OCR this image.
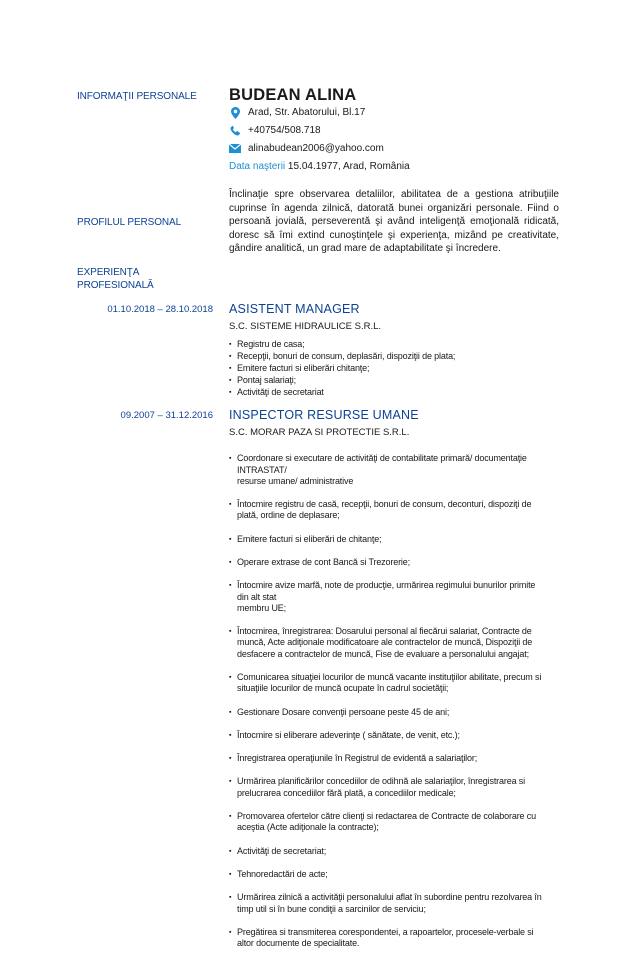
INFORMAŢII PERSONALE
PROFILUL PERSONAL
EXPERIENŢA
PROFESIONALĂ
BUDEAN ALINA
Arad, Str. Abatorului, Bl.17
+40754/508.718
alinabudean2006@yahoo.com
Data naşterii 15.04.1977, Arad, România
Înclinaţie spre observarea detaliilor, abilitatea de a gestiona atribuţiile cuprinse în agenda zilnică, datorată bunei organizări personale. Fiind o persoană jovială, perseverentă şi având inteligenţă emoţională ridicată, doresc să îmi extind cunoştinţele şi experienţa, mizând pe creativitate, gândire analitică, un grad mare de adaptabilitate şi încredere.
01.10.2018 – 28.10.2018 ASISTENT MANAGER
S.C. SISTEME HIDRAULICE S.R.L.
▪ Registru de casa;
▪ Recepţii, bonuri de consum, deplasări, dispoziţii de plata;
▪ Emitere facturi si eliberări chitanţe;
▪ Pontaj salariaţi;
▪ Activităţi de secretariat
09.2007 – 31.12.2016 INSPECTOR RESURSE UMANE
S.C. MORAR PAZA SI PROTECTIE S.R.L.

▪ Coordonare si executare de activităţi de contabilitate primară/ documentaţie INTRASTAT/
resurse umane/ administrative

▪ Întocmire registru de casă, recepţii, bonuri de consum, deconturi, dispoziţi de plată, ordine de deplasare;

▪ Emitere facturi si eliberări de chitanţe;

▪ Operare extrase de cont Bancă si Trezorerie;

▪ Întocmire avize marfă, note de producţie, urmărirea regimului bunurilor primite din alt stat
membru UE;

▪ Întocmirea, înregistrarea: Dosarului personal al fiecărui salariat, Contracte de muncă, Acte adiţionale modificatoare ale contractelor de muncă, Dispoziţii de desfacere a contractelor de muncă, Fise de evaluare a personalului angajat;

▪ Comunicarea situaţiei locurilor de muncă vacante instituţiilor abilitate, precum si situaţiile locurilor de muncă ocupate în cadrul societăţii;

▪ Gestionare Dosare convenţii persoane peste 45 de ani;

▪ Întocmire si eliberare adeverinţe ( sănătate, de venit, etc.);

▪ Înregistrarea operaţiunile în Registrul de evidentă a salariaţilor;

▪ Urmărirea planificărilor concediilor de odihnă ale salariaţilor, înregistrarea si prelucrarea concediilor fără plată, a concediilor medicale;

▪ Promovarea ofertelor către clienţi si redactarea de Contracte de colaborare cu aceştia (Acte adiţionale la contracte);

▪ Activităţi de secretariat;

▪ Tehnoredactări de acte;

▪ Urmărirea zilnică a activităţii personalului aflat în subordine pentru rezolvarea în timp util si în bune condiţii a sarcinilor de serviciu;

▪ Pregătirea si transmiterea corespondentei, a rapoartelor, procesele-verbale si altor documente de specialitate.
